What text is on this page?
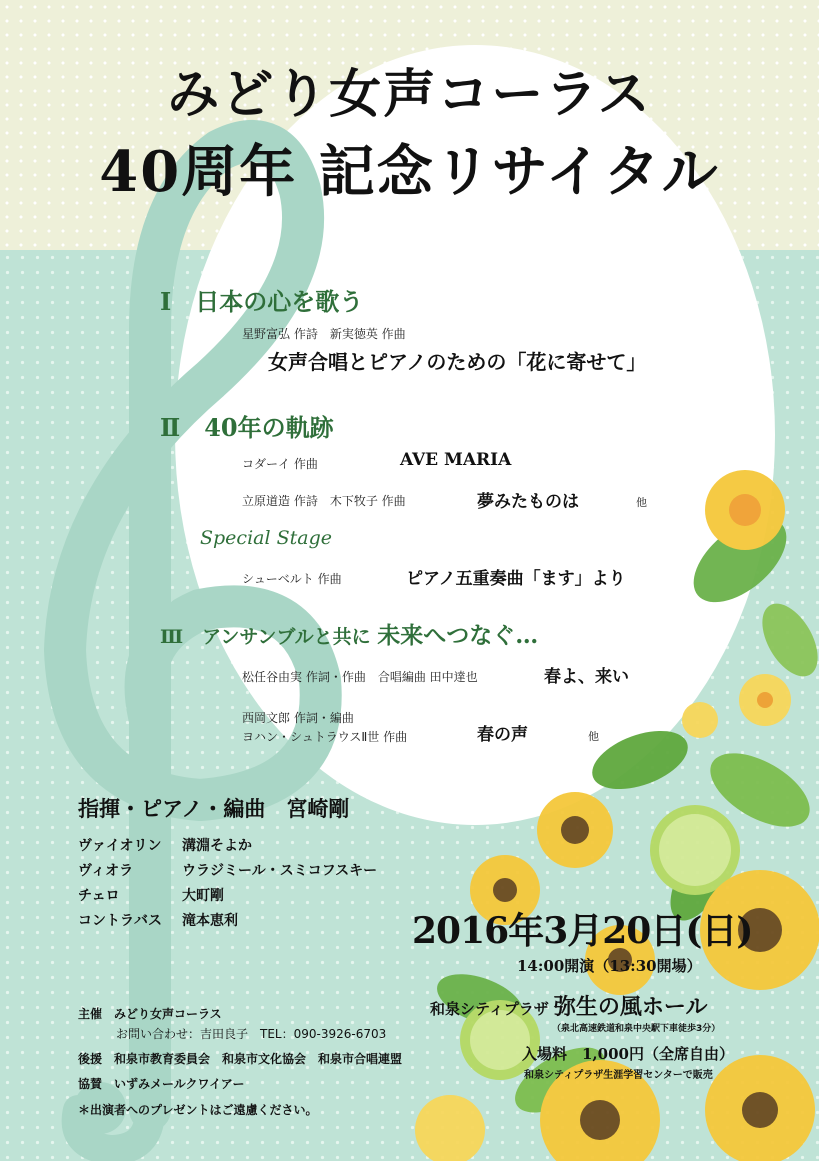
みどり女声コーラス
40周年 記念リサイタル
Ⅰ　日本の心を歌う
星野富弘 作詩　新実徳英 作曲
女声合唱とピアノのための「花に寄せて」
Ⅱ　40年の軌跡
コダーイ 作曲	AVE MARIA
立原道造 作詩　木下牧子 作曲	夢みたものは	他
Special Stage
シューベルト 作曲	ピアノ五重奏曲「ます」より
Ⅲ　アンサンブルと共に 未来へつなぐ…
松任谷由実 作詞・作曲　合唱編曲 田中達也	春よ、来い
西岡文郎 作詞・編曲
ヨハン・シュトラウスⅡ世 作曲	春の声	他
指揮・ピアノ・編曲　宮崎剛
ヴァイオリン 溝淵そよか
ヴィオラ	ウラジミール・スミコフスキー
チェロ	大町剛
コントラバス 滝本恵利	2016年3月20日(日)
14:00開演（13:30開場）
和泉シティプラザ 弥生の風ホール
（泉北高速鉄道和泉中央駅下車徒歩3分）
入場料　1,000円（全席自由）
和泉シティプラザ生涯学習センターで販売
主催　みどり女声コーラス
お問い合わせ：吉田良子　TEL：090-3926-6703
後援　和泉市教育委員会　和泉市文化協会　和泉市合唱連盟
協賛　いずみメールクワイアー
＊出演者へのプレゼントはご遠慮ください。
